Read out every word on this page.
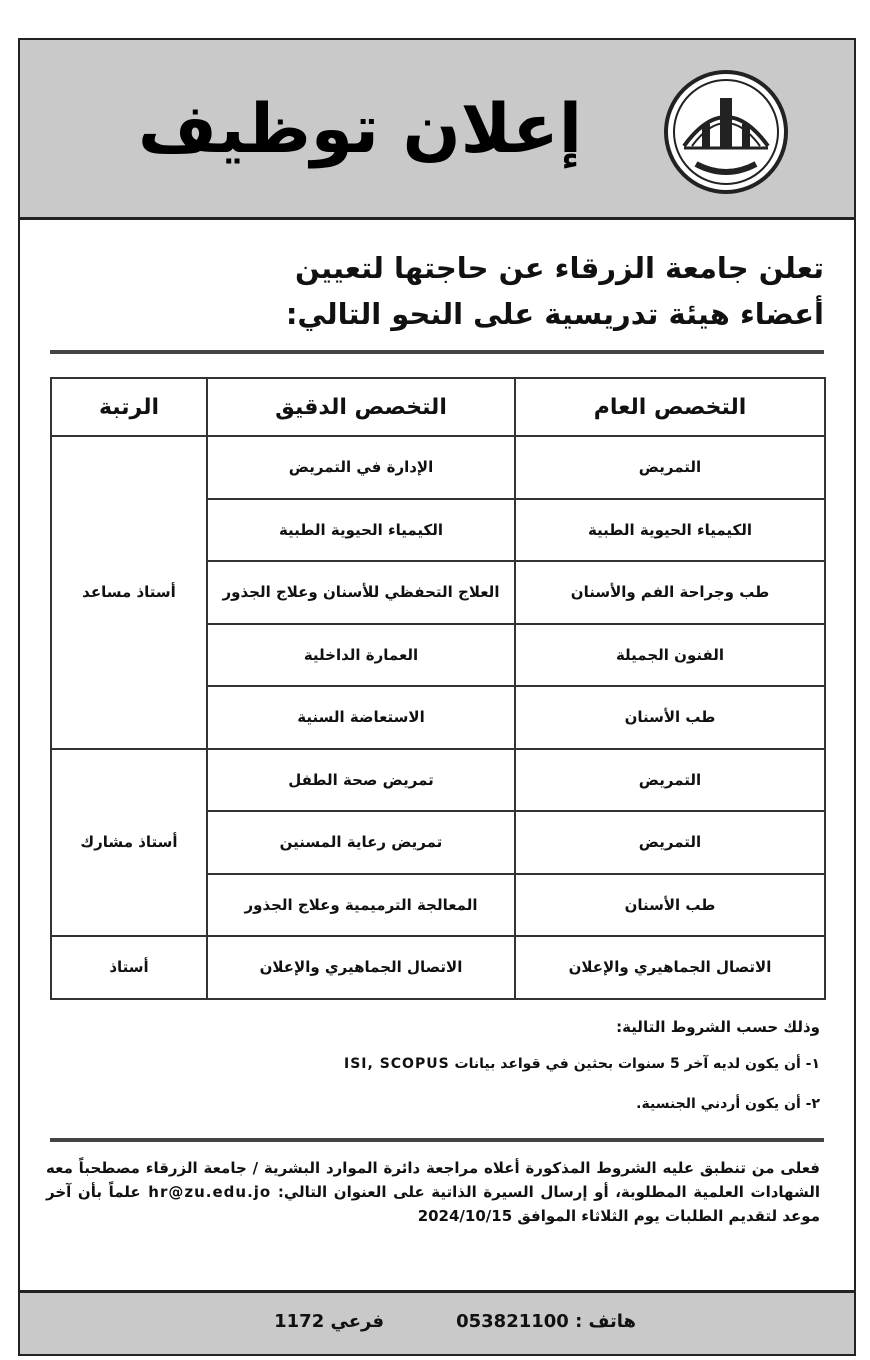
إعلان توظيف
تعلن جامعة الزرقاء عن حاجتها لتعيين
أعضاء هيئة تدريسية على النحو التالي:
التخصص العام	التخصص الدقيق	الرتبة
التمريض	الإدارة في التمريض	أستاذ مساعد
الكيمياء الحيوية الطبية	الكيمياء الحيوية الطبية	
طب وجراحة الفم والأسنان	العلاج التحفظي للأسنان وعلاج الجذور	
الفنون الجميلة	العمارة الداخلية	
طب الأسنان	الاستعاضة السنية	
التمريض	تمريض صحة الطفل	أستاذ مشارك
التمريض	تمريض رعاية المسنين	
طب الأسنان	المعالجة الترميمية وعلاج الجذور	
الاتصال الجماهيري والإعلان	الاتصال الجماهيري والإعلان	أستاذ
وذلك حسب الشروط التالية:
١- أن يكون لديه آخر 5 سنوات بحثين في قواعد بيانات ISI, SCOPUS
٢- أن يكون أردني الجنسية.
فعلى من تنطبق عليه الشروط المذكورة أعلاه مراجعة دائرة الموارد البشرية / جامعة الزرقاء مصطحباً معه الشهادات العلمية المطلوبة، أو إرسال السيرة الذاتية على العنوان التالي: hr@zu.edu.jo علماً بأن آخر موعد لتقديم الطلبات يوم الثلاثاء الموافق 2024/10/15
هاتف : 053821100
فرعي 1172
